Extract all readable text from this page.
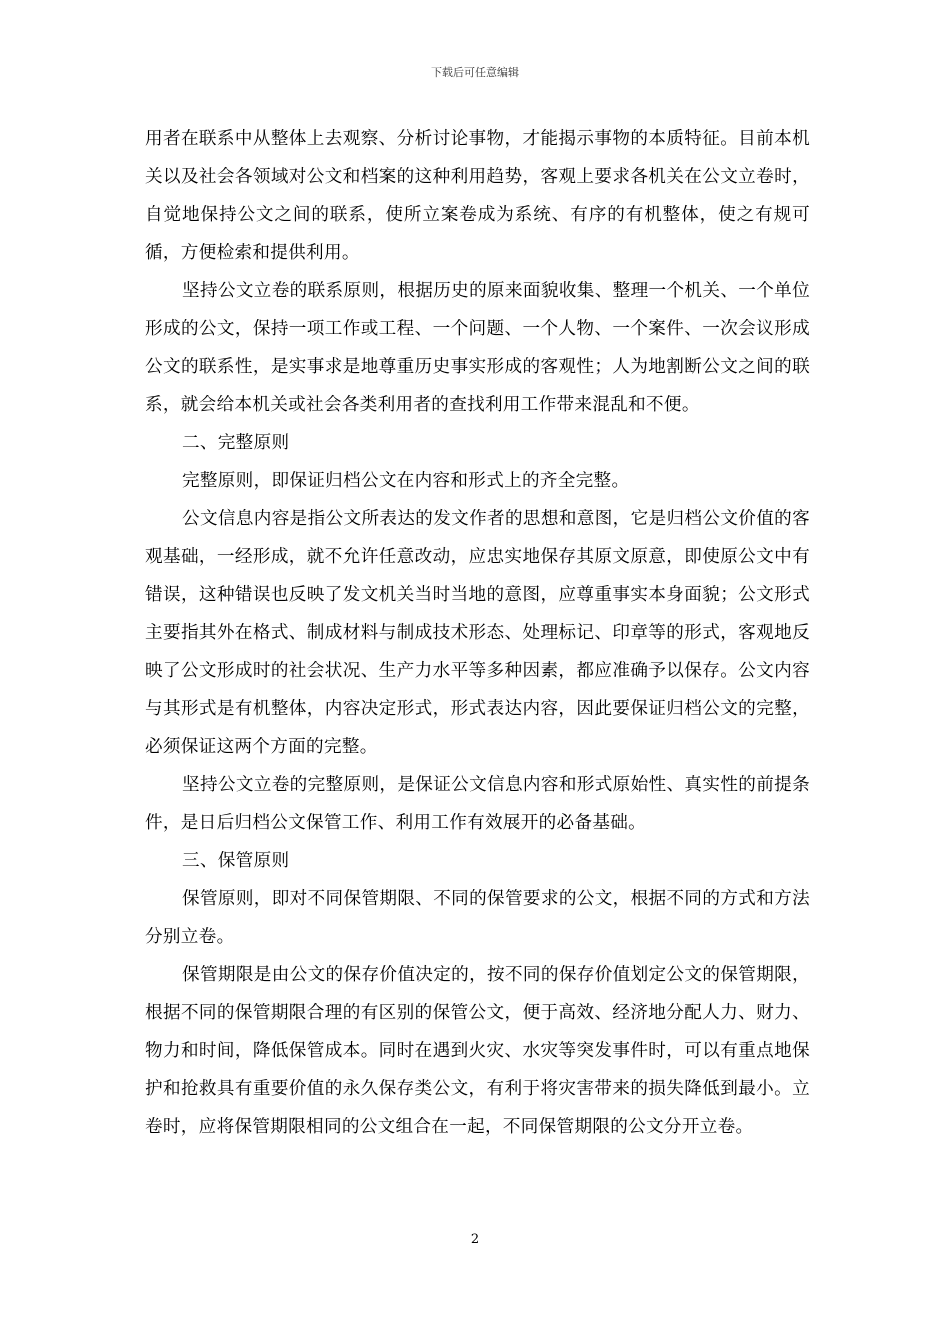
下载后可任意编辑

用者在联系中从整体上去观察、分析讨论事物，才能揭示事物的本质特征。目前本机关以及社会各领域对公文和档案的这种利用趋势，客观上要求各机关在公文立卷时，自觉地保持公文之间的联系，使所立案卷成为系统、有序的有机整体，使之有规可循，方便检索和提供利用。

坚持公文立卷的联系原则，根据历史的原来面貌收集、整理一个机关、一个单位形成的公文，保持一项工作或工程、一个问题、一个人物、一个案件、一次会议形成公文的联系性，是实事求是地尊重历史事实形成的客观性；人为地割断公文之间的联系，就会给本机关或社会各类利用者的查找利用工作带来混乱和不便。

二、完整原则

完整原则，即保证归档公文在内容和形式上的齐全完整。

公文信息内容是指公文所表达的发文作者的思想和意图，它是归档公文价值的客观基础，一经形成，就不允许任意改动，应忠实地保存其原文原意，即使原公文中有错误，这种错误也反映了发文机关当时当地的意图，应尊重事实本身面貌；公文形式主要指其外在格式、制成材料与制成技术形态、处理标记、印章等的形式，客观地反映了公文形成时的社会状况、生产力水平等多种因素，都应准确予以保存。公文内容与其形式是有机整体，内容决定形式，形式表达内容，因此要保证归档公文的完整，必须保证这两个方面的完整。

坚持公文立卷的完整原则，是保证公文信息内容和形式原始性、真实性的前提条件，是日后归档公文保管工作、利用工作有效展开的必备基础。

三、保管原则

保管原则，即对不同保管期限、不同的保管要求的公文，根据不同的方式和方法分别立卷。

保管期限是由公文的保存价值决定的，按不同的保存价值划定公文的保管期限，根据不同的保管期限合理的有区别的保管公文，便于高效、经济地分配人力、财力、物力和时间，降低保管成本。同时在遇到火灾、水灾等突发事件时，可以有重点地保护和抢救具有重要价值的永久保存类公文，有利于将灾害带来的损失降低到最小。立卷时，应将保管期限相同的公文组合在一起，不同保管期限的公文分开立卷。

2
